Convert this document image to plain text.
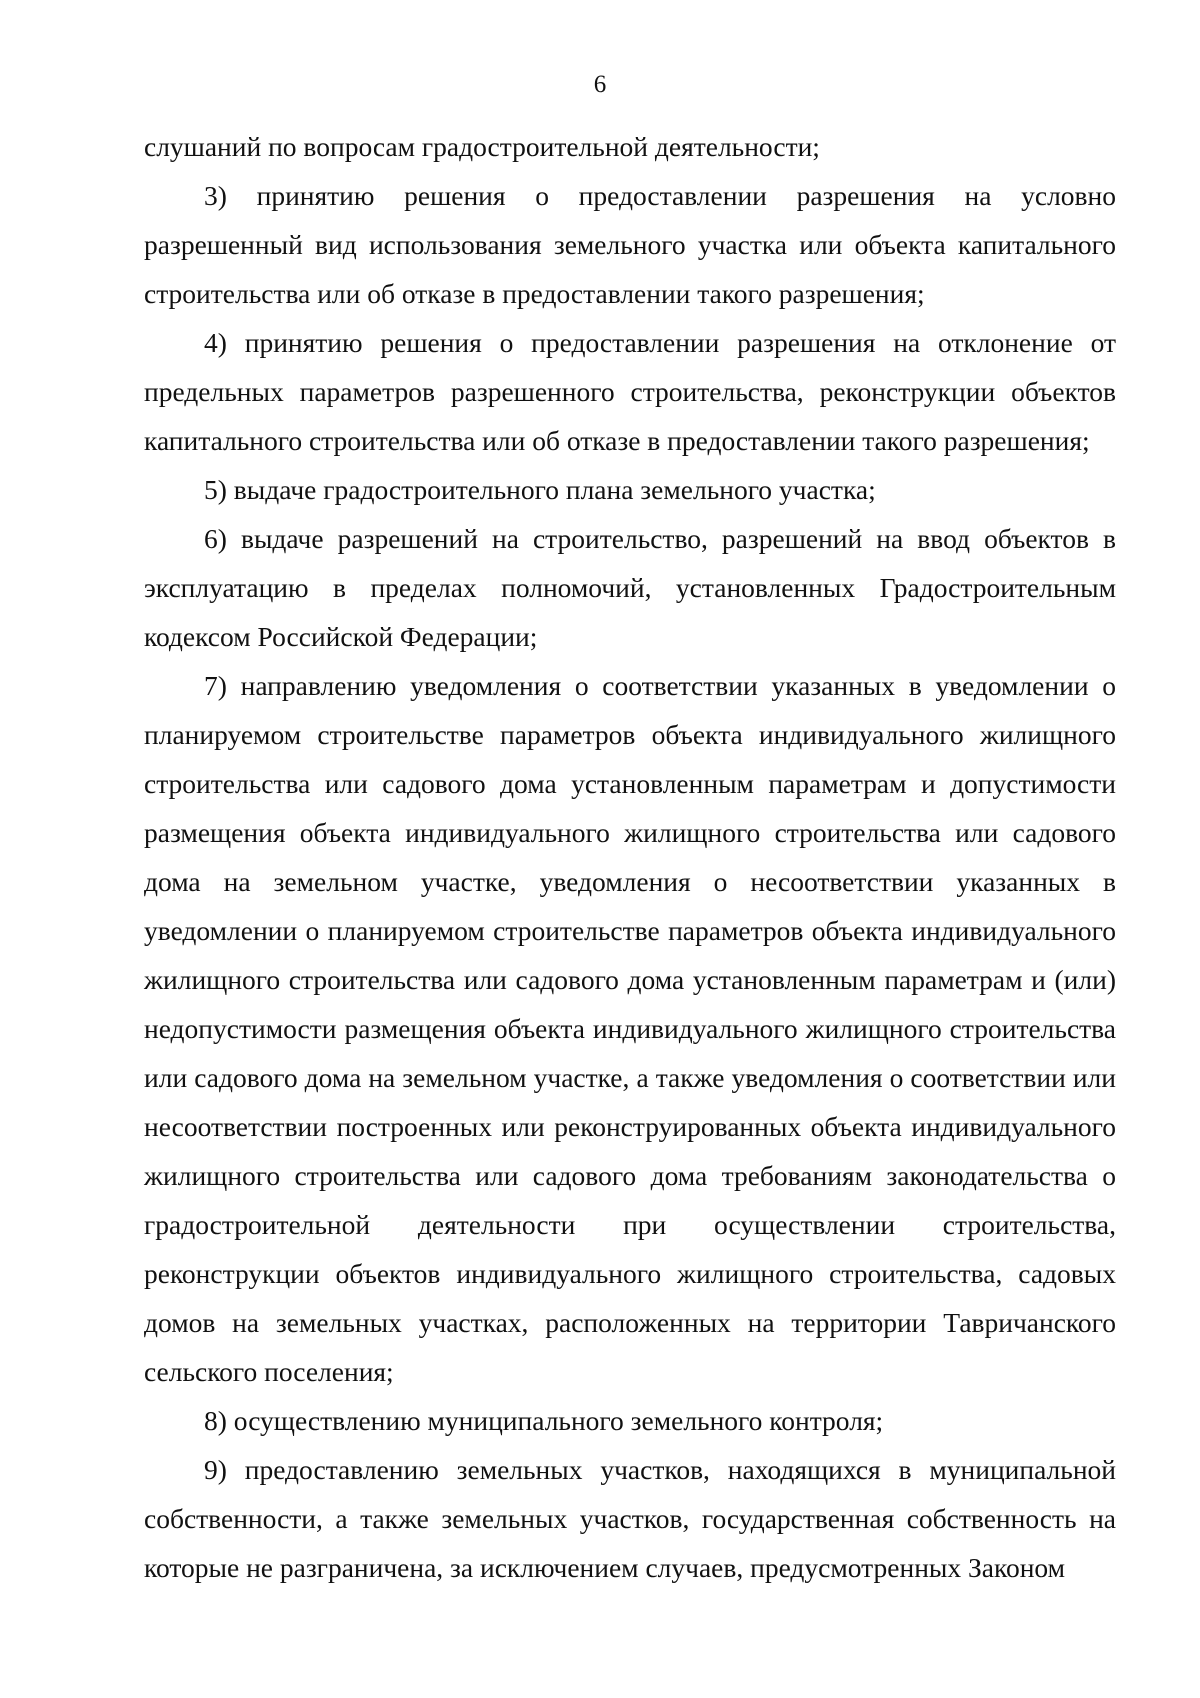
6

слушаний по вопросам градостроительной деятельности;

3) принятию решения о предоставлении разрешения на условно разрешенный вид использования земельного участка или объекта капитального строительства или об отказе в предоставлении такого разрешения;

4) принятию решения о предоставлении разрешения на отклонение от предельных параметров разрешенного строительства, реконструкции объектов капитального строительства или об отказе в предоставлении такого разрешения;

5) выдаче градостроительного плана земельного участка;

6) выдаче разрешений на строительство, разрешений на ввод объектов в эксплуатацию в пределах полномочий, установленных Градостроительным кодексом Российской Федерации;

7) направлению уведомления о соответствии указанных в уведомлении о планируемом строительстве параметров объекта индивидуального жилищного строительства или садового дома установленным параметрам и допустимости размещения объекта индивидуального жилищного строительства или садового дома на земельном участке, уведомления о несоответствии указанных в уведомлении о планируемом строительстве параметров объекта индивидуального жилищного строительства или садового дома установленным параметрам и (или) недопустимости размещения объекта индивидуального жилищного строительства или садового дома на земельном участке, а также уведомления о соответствии или несоответствии построенных или реконструированных объекта индивидуального жилищного строительства или садового дома требованиям законодательства о градостроительной деятельности при осуществлении строительства, реконструкции объектов индивидуального жилищного строительства, садовых домов на земельных участках, расположенных на территории Тавричанского сельского поселения;

8) осуществлению муниципального земельного контроля;

9) предоставлению земельных участков, находящихся в муниципальной собственности, а также земельных участков, государственная собственность на которые не разграничена, за исключением случаев, предусмотренных Законом
